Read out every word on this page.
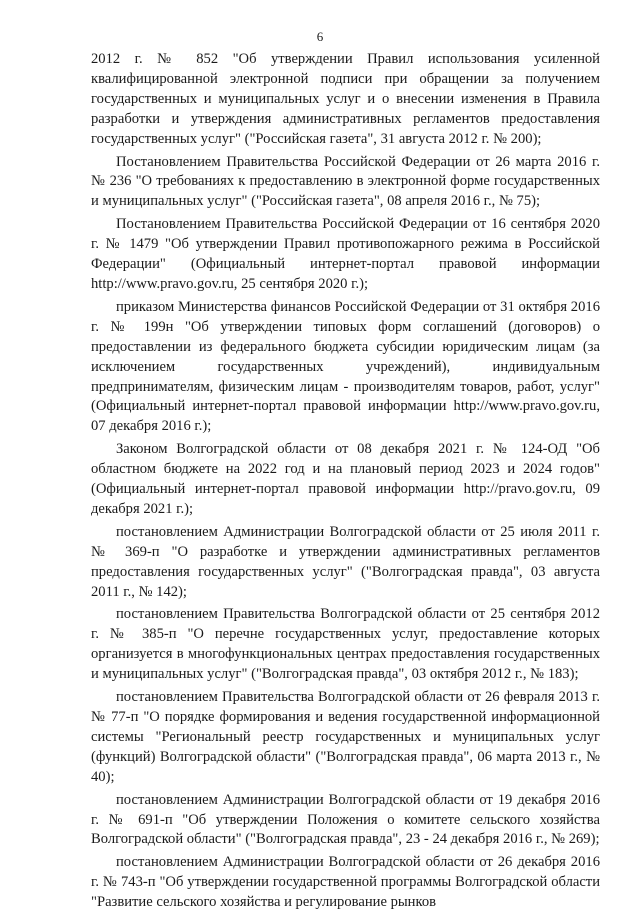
6

2012 г. № 852 "Об утверждении Правил использования усиленной квалифицированной электронной подписи при обращении за получением государственных и муниципальных услуг и о внесении изменения в Правила разработки и утверждения административных регламентов предоставления государственных услуг" ("Российская газета", 31 августа 2012 г. № 200);

Постановлением Правительства Российской Федерации от 26 марта 2016 г. № 236 "О требованиях к предоставлению в электронной форме государственных и муниципальных услуг" ("Российская газета", 08 апреля 2016 г., № 75);

Постановлением Правительства Российской Федерации от 16 сентября 2020 г. № 1479 "Об утверждении Правил противопожарного режима в Российской Федерации" (Официальный интернет-портал правовой информации http://www.pravo.gov.ru, 25 сентября 2020 г.);

приказом Министерства финансов Российской Федерации от 31 октября 2016 г. № 199н "Об утверждении типовых форм соглашений (договоров) о предоставлении из федерального бюджета субсидии юридическим лицам (за исключением государственных учреждений), индивидуальным предпринимателям, физическим лицам - производителям товаров, работ, услуг" (Официальный интернет-портал правовой информации http://www.pravo.gov.ru, 07 декабря 2016 г.);

Законом Волгоградской области от 08 декабря 2021 г. № 124-ОД "Об областном бюджете на 2022 год и на плановый период 2023 и 2024 годов" (Официальный интернет-портал правовой информации http://pravo.gov.ru, 09 декабря 2021 г.);

постановлением Администрации Волгоградской области от 25 июля 2011 г. № 369-п "О разработке и утверждении административных регламентов предоставления государственных услуг" ("Волгоградская правда", 03 августа 2011 г., № 142);

постановлением Правительства Волгоградской области от 25 сентября 2012 г. № 385-п "О перечне государственных услуг, предоставление которых организуется в многофункциональных центрах предоставления государственных и муниципальных услуг" ("Волгоградская правда", 03 октября 2012 г., № 183);

постановлением Правительства Волгоградской области от 26 февраля 2013 г. № 77-п "О порядке формирования и ведения государственной информационной системы "Региональный реестр государственных и муниципальных услуг (функций) Волгоградской области" ("Волгоградская правда", 06 марта 2013 г., № 40);

постановлением Администрации Волгоградской области от 19 декабря 2016 г. № 691-п "Об утверждении Положения о комитете сельского хозяйства Волгоградской области" ("Волгоградская правда", 23 - 24 декабря 2016 г., № 269);

постановлением Администрации Волгоградской области от 26 декабря 2016 г. № 743-п "Об утверждении государственной программы Волгоградской области "Развитие сельского хозяйства и регулирование рынков
